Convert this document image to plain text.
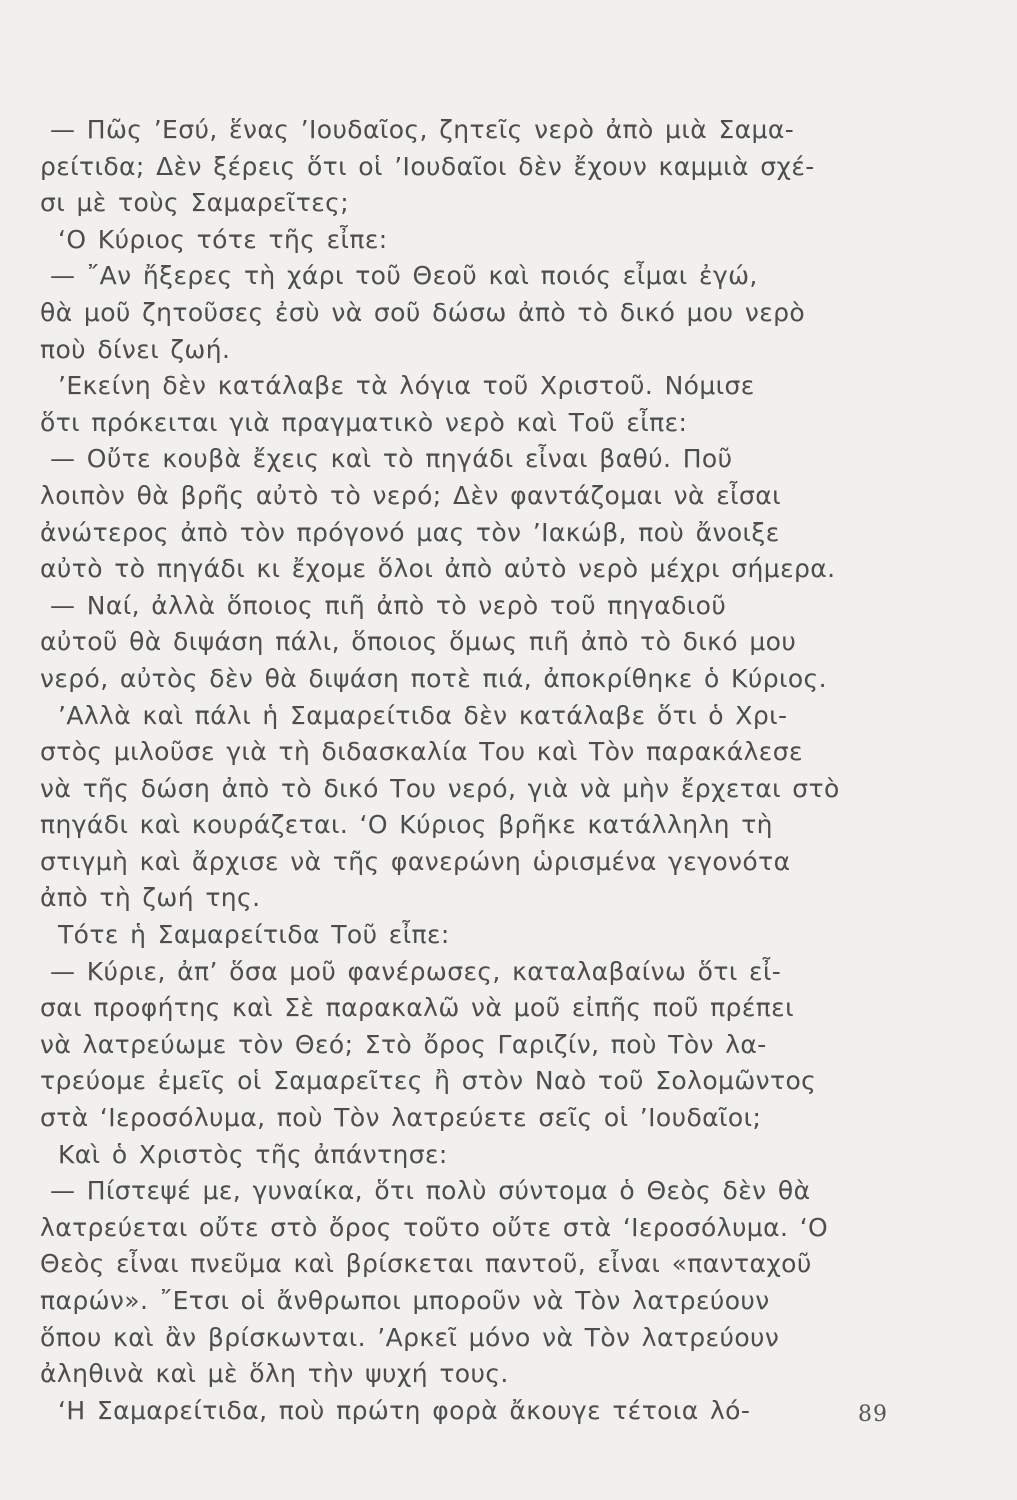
— Πῶς ’Εσύ, ἕνας ’Ιουδαῖος, ζητεῖς νερὸ ἀπὸ μιὰ Σαμα-
ρείτιδα; Δὲν ξέρεις ὅτι οἱ ’Ιουδαῖοι δὲν ἔχουν καμμιὰ σχέ-
σι μὲ τοὺς Σαμαρεῖτες;
‘Ο Κύριος τότε τῆς εἶπε:
— ῎Αν ἤξερες τὴ χάρι τοῦ Θεοῦ καὶ ποιός εἶμαι ἐγώ,
θὰ μοῦ ζητοῦσες ἐσὺ νὰ σοῦ δώσω ἀπὸ τὸ δικό μου νερὸ
ποὺ δίνει ζωή.
’Εκείνη δὲν κατάλαβε τὰ λόγια τοῦ Χριστοῦ. Νόμισε
ὅτι πρόκειται γιὰ πραγματικὸ νερὸ καὶ Τοῦ εἶπε:
— Οὔτε κουβὰ ἔχεις καὶ τὸ πηγάδι εἶναι βαθύ. Ποῦ
λοιπὸν θὰ βρῆς αὐτὸ τὸ νερό; Δὲν φαντάζομαι νὰ εἶσαι
ἀνώτερος ἀπὸ τὸν πρόγονό μας τὸν ’Ιακώβ, ποὺ ἄνοιξε
αὐτὸ τὸ πηγάδι κι ἔχομε ὅλοι ἀπὸ αὐτὸ νερὸ μέχρι σήμερα.
— Ναί, ἀλλὰ ὅποιος πιῆ ἀπὸ τὸ νερὸ τοῦ πηγαδιοῦ
αὐτοῦ θὰ διψάση πάλι, ὅποιος ὅμως πιῆ ἀπὸ τὸ δικό μου
νερό, αὐτὸς δὲν θὰ διψάση ποτὲ πιά, ἀποκρίθηκε ὁ Κύριος.
’Αλλὰ καὶ πάλι ἡ Σαμαρείτιδα δὲν κατάλαβε ὅτι ὁ Χρι-
στὸς μιλοῦσε γιὰ τὴ διδασκαλία Του καὶ Τὸν παρακάλεσε
νὰ τῆς δώση ἀπὸ τὸ δικό Του νερό, γιὰ νὰ μὴν ἔρχεται στὸ
πηγάδι καὶ κουράζεται. ‘Ο Κύριος βρῆκε κατάλληλη τὴ
στιγμὴ καὶ ἄρχισε νὰ τῆς φανερώνη ὡρισμένα γεγονότα
ἀπὸ τὴ ζωή της.
Τότε ἡ Σαμαρείτιδα Τοῦ εἶπε:
— Κύριε, ἀπ’ ὅσα μοῦ φανέρωσες, καταλαβαίνω ὅτι εἶ-
σαι προφήτης καὶ Σὲ παρακαλῶ νὰ μοῦ εἰπῆς ποῦ πρέπει
νὰ λατρεύωμε τὸν Θεό; Στὸ ὄρος Γαριζίν, ποὺ Τὸν λα-
τρεύομε ἐμεῖς οἱ Σαμαρεῖτες ἢ στὸν Ναὸ τοῦ Σολομῶντος
στὰ ‘Ιεροσόλυμα, ποὺ Τὸν λατρεύετε σεῖς οἱ ’Ιουδαῖοι;
Καὶ ὁ Χριστὸς τῆς ἀπάντησε:
— Πίστεψέ με, γυναίκα, ὅτι πολὺ σύντομα ὁ Θεὸς δὲν θὰ
λατρεύεται οὔτε στὸ ὄρος τοῦτο οὔτε στὰ ‘Ιεροσόλυμα. ‘Ο
Θεὸς εἶναι πνεῦμα καὶ βρίσκεται παντοῦ, εἶναι «πανταχοῦ
παρών». ῎Ετσι οἱ ἄνθρωποι μποροῦν νὰ Τὸν λατρεύουν
ὅπου καὶ ἂν βρίσκωνται. ’Αρκεῖ μόνο νὰ Τὸν λατρεύουν
ἀληθινὰ καὶ μὲ ὅλη τὴν ψυχή τους.
‘Η Σαμαρείτιδα, ποὺ πρώτη φορὰ ἄκουγε τέτοια λό-	89
